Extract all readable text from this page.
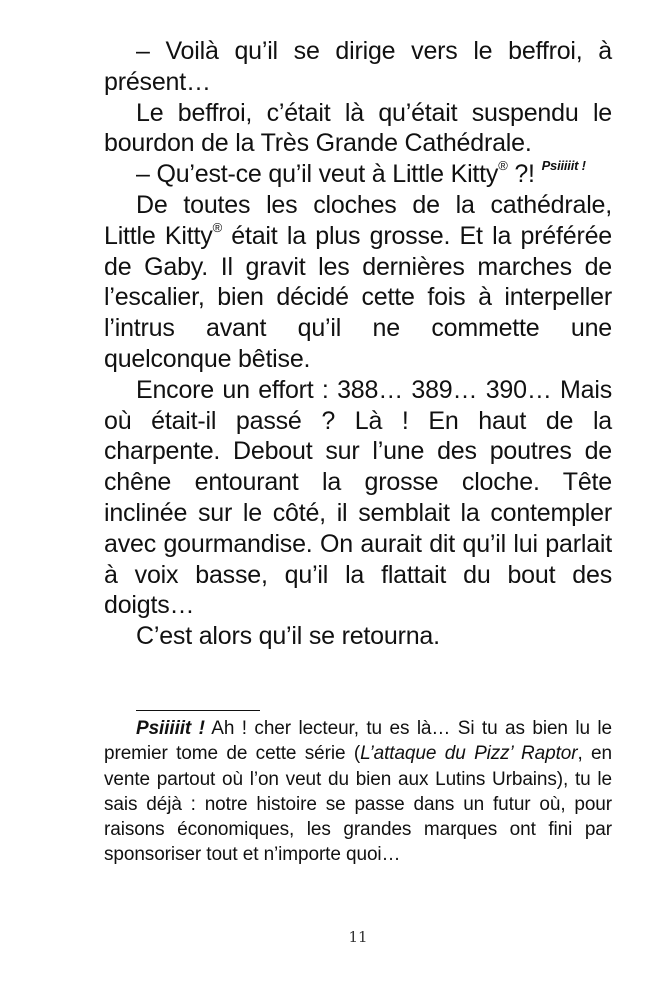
– Voilà qu’il se dirige vers le beffroi, à présent…

Le beffroi, c’était là qu’était suspendu le bourdon de la Très Grande Cathédrale.

– Qu’est-ce qu’il veut à Little Kitty® ?! $^{Psiiiiit !}$

De toutes les cloches de la cathédrale, Little Kitty® était la plus grosse. Et la préférée de Gaby. Il gravit les dernières marches de l’escalier, bien décidé cette fois à interpeller l’intrus avant qu’il ne commette une quelconque bêtise.

Encore un effort : 388… 389… 390… Mais où était-il passé ? Là ! En haut de la charpente. Debout sur l’une des poutres de chêne entourant la grosse cloche. Tête inclinée sur le côté, il semblait la contempler avec gourmandise. On aurait dit qu’il lui parlait à voix basse, qu’il la flattait du bout des doigts…

C’est alors qu’il se retourna.

Psiiiiit ! Ah ! cher lecteur, tu es là… Si tu as bien lu le premier tome de cette série (L’attaque du Pizz’ Raptor, en vente partout où l’on veut du bien aux Lutins Urbains), tu le sais déjà : notre histoire se passe dans un futur où, pour raisons économiques, les grandes marques ont fini par sponsoriser tout et n’importe quoi…

11
